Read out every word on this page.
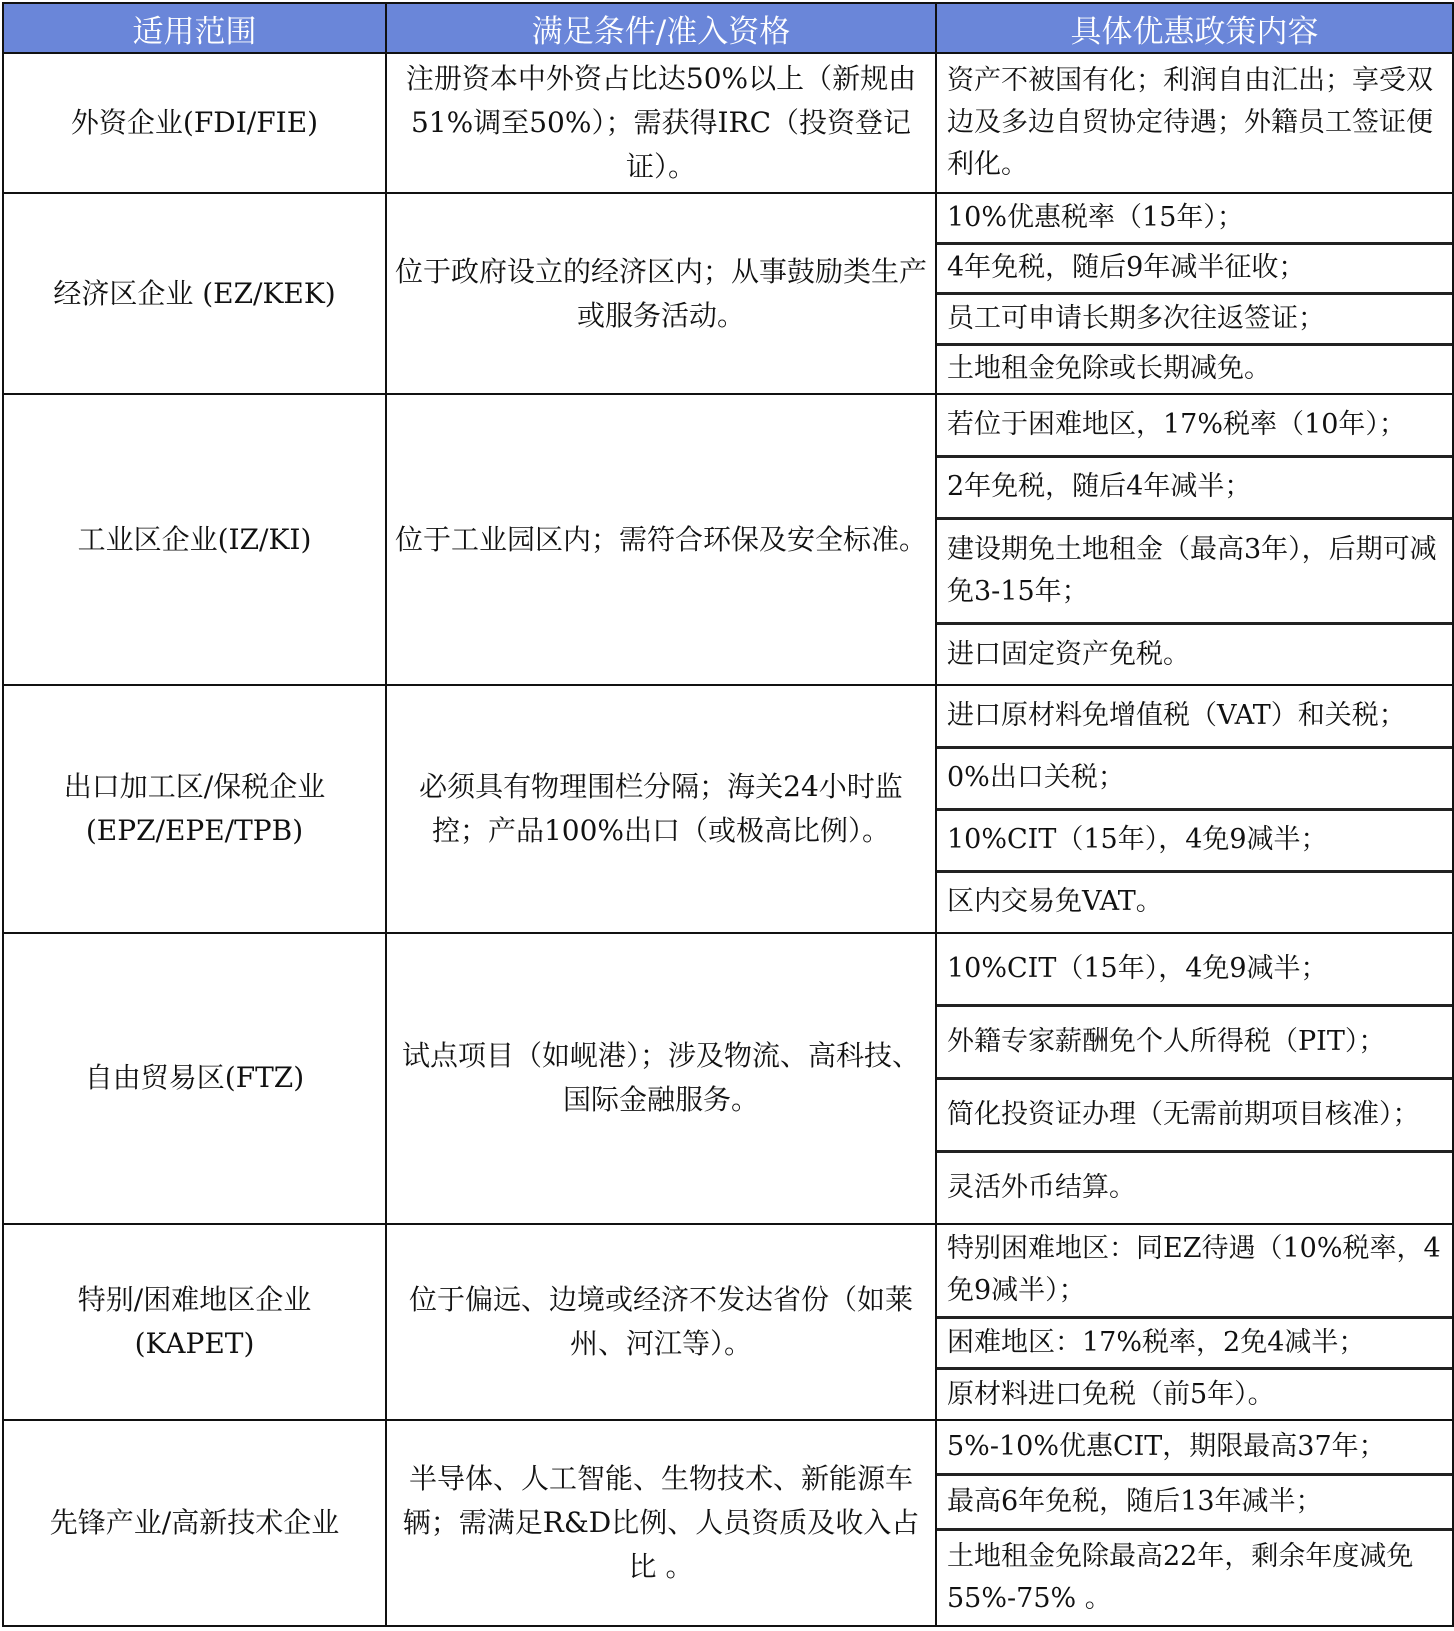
适用范围	满足条件/准入资格	具体优惠政策内容
外资企业(FDI/FIE)	注册资本中外资占比达50%以上（新规由51%调至50%）；需获得IRC（投资登记证）。	资产不被国有化；利润自由汇出；享受双边及多边自贸协定待遇；外籍员工签证便利化。

经济区企业 (EZ/KEK)	位于政府设立的经济区内；从事鼓励类生产或服务活动。	10%优惠税率（15年）；
4年免税，随后9年减半征收；
员工可申请长期多次往返签证；
土地租金免除或长期减免。

工业区企业(IZ/KI)	位于工业园区内；需符合环保及安全标准。	若位于困难地区，17%税率（10年）；
2年免税，随后4年减半；
建设期免土地租金（最高3年），后期可减免3-15年；
进口固定资产免税。

出口加工区/保税企业 (EPZ/EPE/TPB)	必须具有物理围栏分隔；海关24小时监控；产品100%出口（或极高比例）。	进口原材料免增值税（VAT）和关税；
0%出口关税；
10%CIT（15年），4免9减半；
区内交易免VAT。

自由贸易区(FTZ)	试点项目（如岘港）；涉及物流、高科技、国际金融服务。	10%CIT（15年），4免9减半；
外籍专家薪酬免个人所得税（PIT）；
简化投资证办理（无需前期项目核准）；
灵活外币结算。

特别/困难地区企业 (KAPET)	位于偏远、边境或经济不发达省份（如莱州、河江等）。	特别困难地区：同EZ待遇（10%税率，4免9减半）；
困难地区：17%税率，2免4减半；
原材料进口免税（前5年）。

先锋产业/高新技术企业	半导体、人工智能、生物技术、新能源车辆；需满足R&D比例、人员资质及收入占比 。	5%-10%优惠CIT，期限最高37年；
最高6年免税，随后13年减半；
土地租金免除最高22年，剩余年度减免55%-75% 。
